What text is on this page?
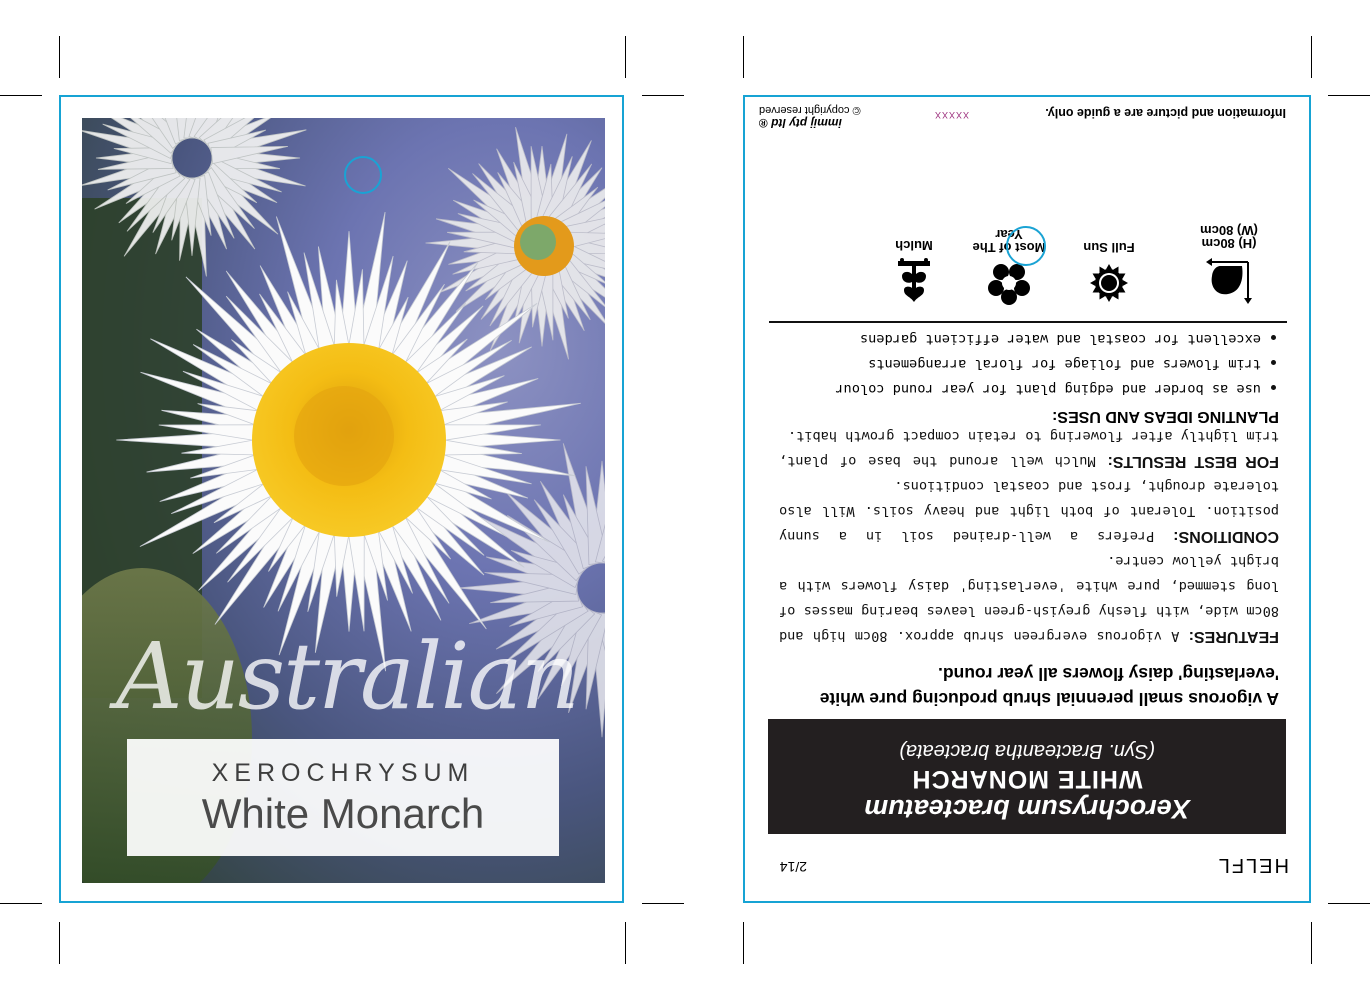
Australian
XEROCHRYSUM
White Monarch
HELFL
2/14
Xerochrysum bracteatum
WHITE MONARCH
(Syn. Bracteantha bracteata)
A vigorous small perennial shrub producing pure white 'everlasting' daisy flowers all year round.
FEATURES: A vigorous evergreen shrub approx. 80cm high and 80cm wide, with fleshy greyish-green leaves bearing masses of long stemmed, pure white 'everlasting' daisy flowers with a bright yellow centre.
CONDITIONS: Prefers a well-drained soil in a sunny position. Tolerant of both light and heavy soils. Will also tolerate drought, frost and coastal conditions.
FOR BEST RESULTS: Mulch well around the base of plant, trim lightly after flowering to retain compact growth habit.
PLANTING IDEAS AND USES:
use as border and edging plant for year round colour
trim flowers and foliage for floral arrangements
excellent for coastal and water efficient gardens
(H) 80cm
(W) 80cm
Full Sun
Most of The
Year
Mulch
Information and picture are a guide only.
XXXXX
immij pty ltd ®
© copyright reserved
